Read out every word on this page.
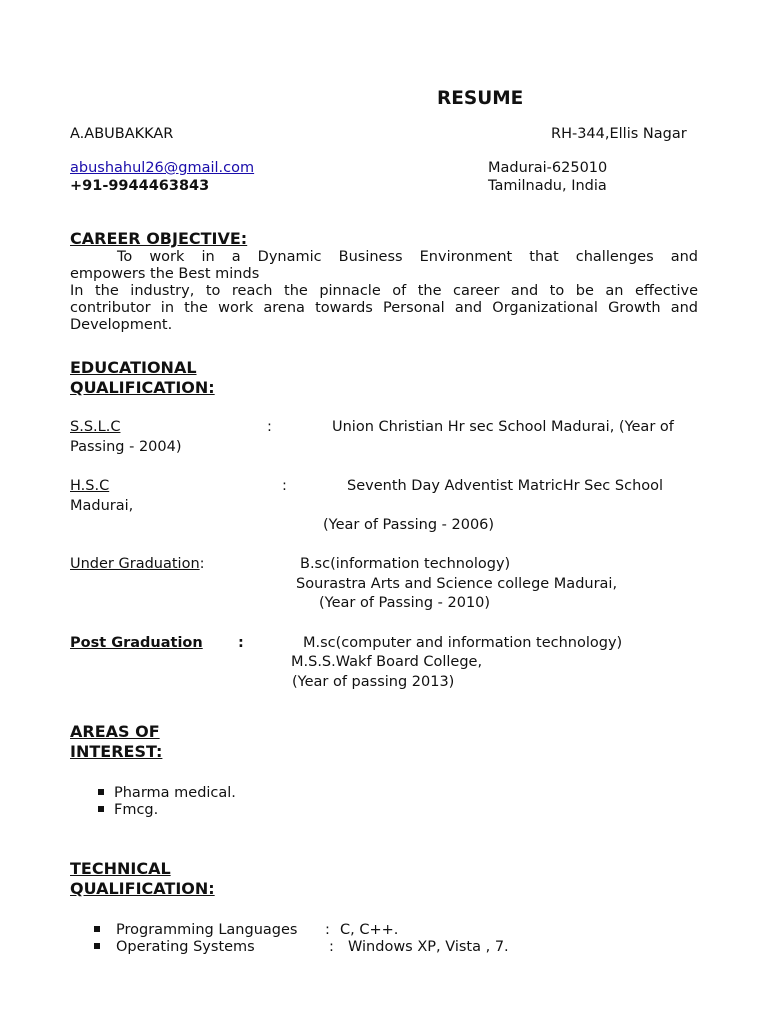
RESUME
A.ABUBAKKAR	RH-344,Ellis Nagar
abushahul26@gmail.com	Madurai-625010
+91-9944463843	Tamilnadu, India
CAREER OBJECTIVE:
To work in a Dynamic Business Environment that challenges and
empowers the Best minds
In the industry, to reach the pinnacle of the career and to be an effective
contributor in the work arena towards Personal and Organizational Growth and
Development.
EDUCATIONAL
QUALIFICATION:
S.S.L.C	:	Union Christian Hr sec School Madurai, (Year of
Passing - 2004)
H.S.C	:	Seventh Day Adventist MatricHr Sec School
Madurai,
(Year of Passing - 2006)
Under Graduation:	B.sc(information technology)
Sourastra Arts and Science college Madurai,
(Year of Passing - 2010)
Post Graduation :	M.sc(computer and information technology)
M.S.S.Wakf Board College,
(Year of passing 2013)
AREAS OF
INTEREST:
Pharma medical.
Fmcg.
TECHNICAL
QUALIFICATION:
Programming Languages : C, C++.
Operating Systems	: Windows XP, Vista , 7.
